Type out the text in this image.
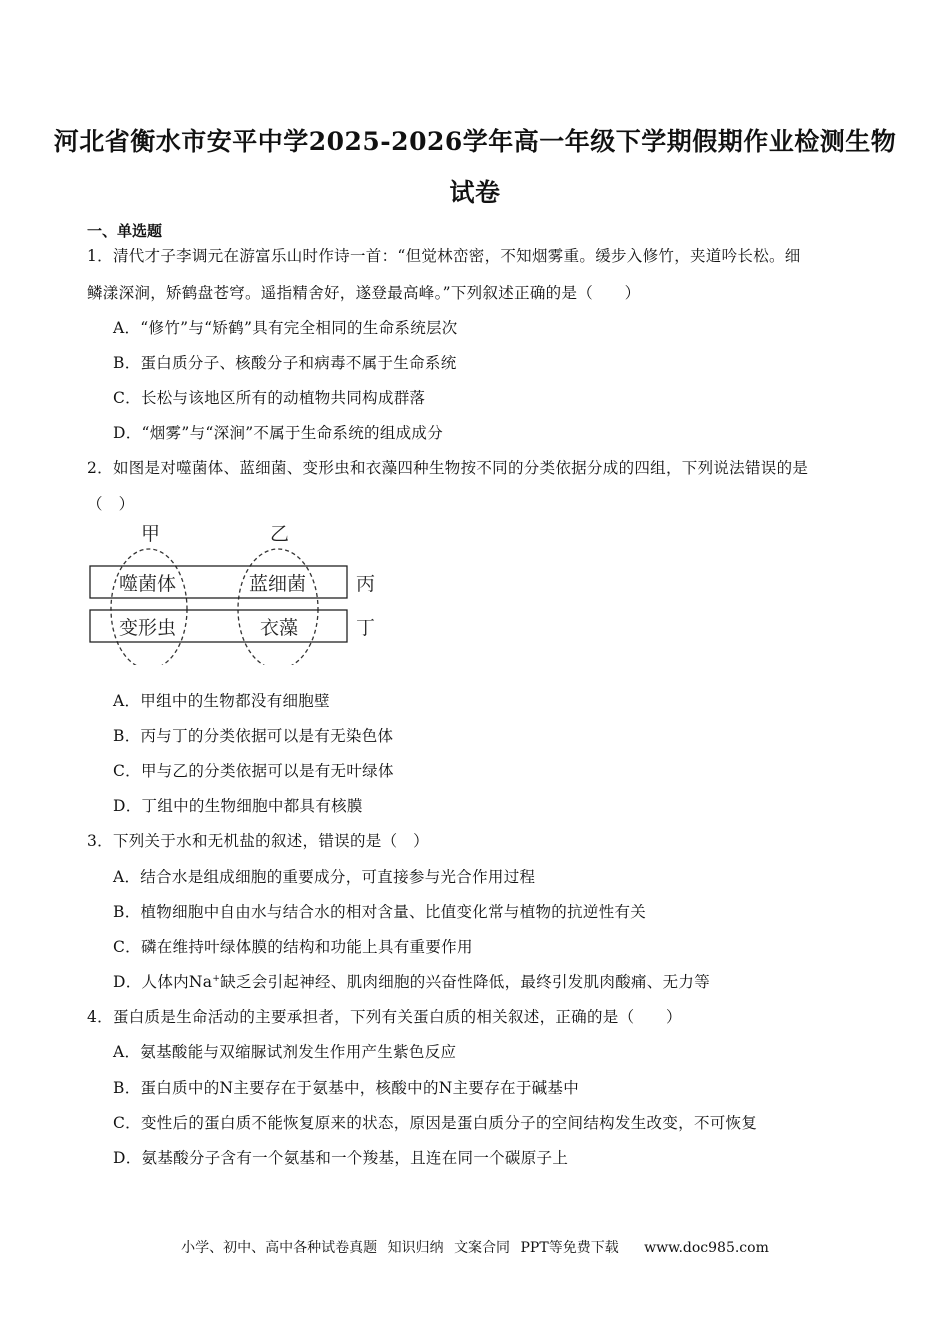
河北省衡水市安平中学2025-2026学年高一年级下学期假期作业检测生物
试卷
一、单选题
1．清代才子李调元在游富乐山时作诗一首：“但觉林峦密，不知烟雾重。缓步入修竹，夹道吟长松。细
鳞漾深涧，矫鹤盘苍穹。遥指精舍好，遂登最高峰。”下列叙述正确的是（　　）
A．“修竹”与“矫鹤”具有完全相同的生命系统层次
B．蛋白质分子、核酸分子和病毒不属于生命系统
C．长松与该地区所有的动植物共同构成群落
D．“烟雾”与“深涧”不属于生命系统的组成成分
2．如图是对噬菌体、蓝细菌、变形虫和衣藻四种生物按不同的分类依据分成的四组，下列说法错误的是
（　）
甲	乙
噬菌体	蓝细菌
变形虫	衣藻
丙
丁
A．甲组中的生物都没有细胞壁
B．丙与丁的分类依据可以是有无染色体
C．甲与乙的分类依据可以是有无叶绿体
D．丁组中的生物细胞中都具有核膜
3．下列关于水和无机盐的叙述，错误的是（　）
A．结合水是组成细胞的重要成分，可直接参与光合作用过程
B．植物细胞中自由水与结合水的相对含量、比值变化常与植物的抗逆性有关
C．磷在维持叶绿体膜的结构和功能上具有重要作用
D．人体内Na+缺乏会引起神经、肌肉细胞的兴奋性降低，最终引发肌肉酸痛、无力等
4．蛋白质是生命活动的主要承担者，下列有关蛋白质的相关叙述，正确的是（　　）
A．氨基酸能与双缩脲试剂发生作用产生紫色反应
B．蛋白质中的N主要存在于氨基中，核酸中的N主要存在于碱基中
C．变性后的蛋白质不能恢复原来的状态，原因是蛋白质分子的空间结构发生改变，不可恢复
D．氨基酸分子含有一个氨基和一个羧基，且连在同一个碳原子上
小学、初中、高中各种试卷真题 知识归纳 文案合同 PPT等免费下载 www.doc985.com
